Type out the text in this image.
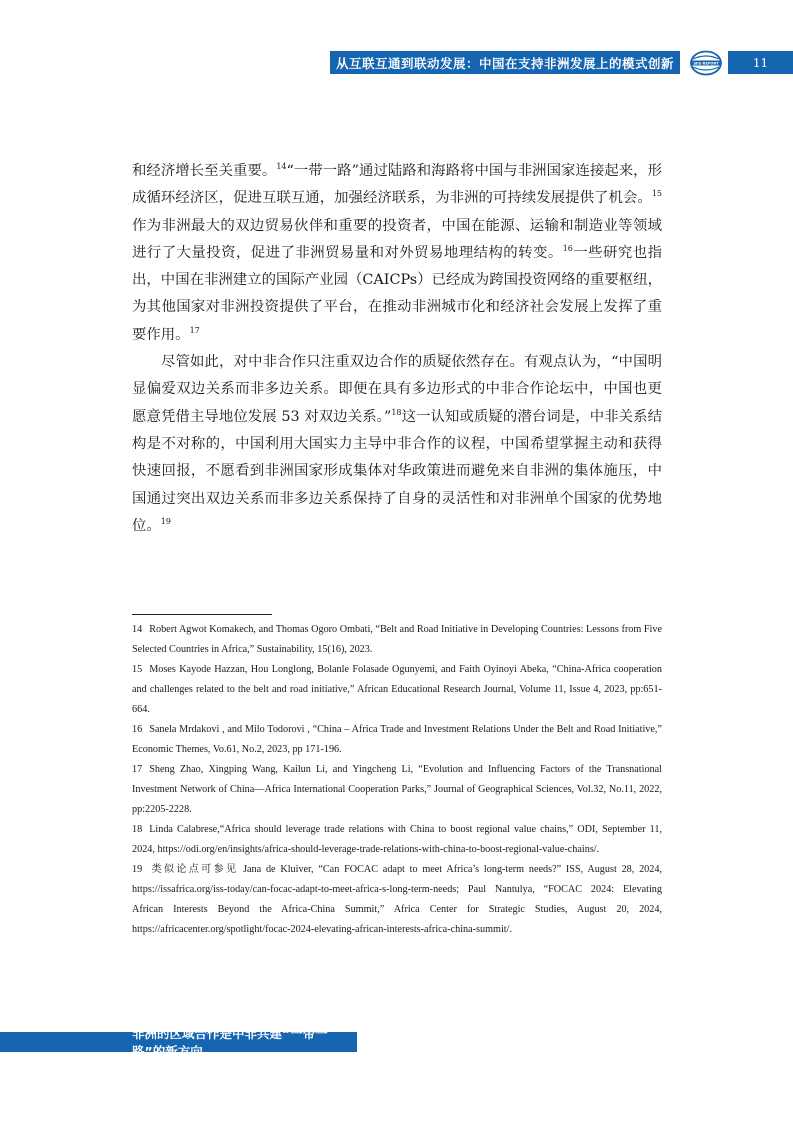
从互联互通到联动发展：中国在支持非洲发展上的模式创新	SIIS REPORT	11

和经济增长至关重要。$^{14}$“一带一路”通过陆路和海路将中国与非洲国家连接起来，形成循环经济区，促进互联互通，加强经济联系，为非洲的可持续发展提供了机会。$^{15}$作为非洲最大的双边贸易伙伴和重要的投资者，中国在能源、运输和制造业等领域进行了大量投资，促进了非洲贸易量和对外贸易地理结构的转变。$^{16}$一些研究也指出，中国在非洲建立的国际产业园（CAICPs）已经成为跨国投资网络的重要枢纽，为其他国家对非洲投资提供了平台，在推动非洲城市化和经济社会发展上发挥了重要作用。$^{17}$

尽管如此，对中非合作只注重双边合作的质疑依然存在。有观点认为，“中国明显偏爱双边关系而非多边关系。即便在具有多边形式的中非合作论坛中，中国也更愿意凭借主导地位发展 53 对双边关系。”$^{18}$这一认知或质疑的潜台词是，中非关系结构是不对称的，中国利用大国实力主导中非合作的议程，中国希望掌握主动和获得快速回报，不愿看到非洲国家形成集体对华政策进而避免来自非洲的集体施压，中国通过突出双边关系而非多边关系保持了自身的灵活性和对非洲单个国家的优势地位。$^{19}$

14 Robert Agwot Komakech, and Thomas Ogoro Ombati, “Belt and Road Initiative in Developing Countries: Lessons from Five Selected Countries in Africa,” Sustainability, 15(16), 2023.

15 Moses Kayode Hazzan, Hou Longlong, Bolanle Folasade Ogunyemi, and Faith Oyinoyi Abeka, “China-Africa cooperation and challenges related to the belt and road initiative,” African Educational Research Journal, Volume 11, Issue 4, 2023, pp:651-664.

16 Sanela Mrdakovi , and Milo Todorovi , “China – Africa Trade and Investment Relations Under the Belt and Road Initiative,” Economic Themes, Vo.61, No.2, 2023, pp 171-196.

17 Sheng Zhao, Xingping Wang, Kailun Li, and Yingcheng Li, “Evolution and Influencing Factors of the Transnational Investment Network of China—Africa International Cooperation Parks,” Journal of Geographical Sciences, Vol.32, No.11, 2022, pp:2205-2228.

18 Linda Calabrese,“Africa should leverage trade relations with China to boost regional value chains,” ODI, September 11, 2024, https://odi.org/en/insights/africa-should-leverage-trade-relations-with-china-to-boost-regional-value-chains/.

19 类似论点可参见 Jana de Kluiver, “Can FOCAC adapt to meet Africa’s long-term needs?” ISS, August 28, 2024, https://issafrica.org/iss-today/can-focac-adapt-to-meet-africa-s-long-term-needs; Paul Nantulya, “FOCAC 2024: Elevating African Interests Beyond the Africa-China Summit,” Africa Center for Strategic Studies, August 20, 2024, https://africacenter.org/spotlight/focac-2024-elevating-african-interests-africa-china-summit/.

非洲的区域合作是中非共建“一带一路”的新方向
